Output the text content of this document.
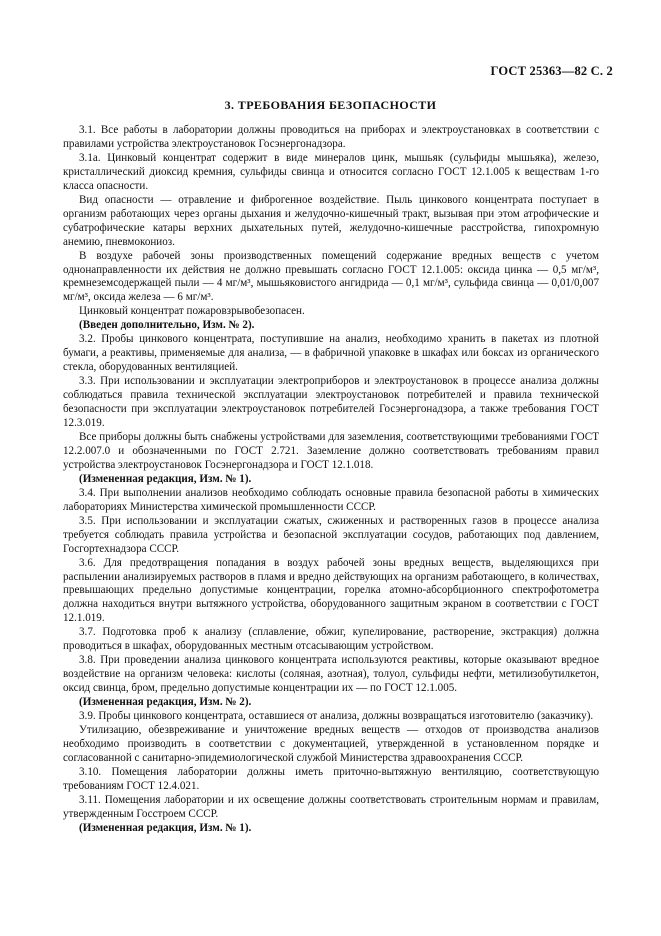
ГОСТ 25363—82 С. 2
3. ТРЕБОВАНИЯ БЕЗОПАСНОСТИ

3.1. Все работы в лаборатории должны проводиться на приборах и электроустановках в соответствии с правилами устройства электроустановок Госэнергонадзора.

3.1а. Цинковый концентрат содержит в виде минералов цинк, мышьяк (сульфиды мышьяка), железо, кристаллический диоксид кремния, сульфиды свинца и относится согласно ГОСТ 12.1.005 к веществам 1-го класса опасности.

Вид опасности — отравление и фиброгенное воздействие. Пыль цинкового концентрата поступает в организм работающих через органы дыхания и желудочно-кишечный тракт, вызывая при этом атрофические и субатрофические катары верхних дыхательных путей, желудочно-кишечные расстройства, гипохромную анемию, пневмокониоз.

В воздухе рабочей зоны производственных помещений содержание вредных веществ с учетом однонаправленности их действия не должно превышать согласно ГОСТ 12.1.005: оксида цинка — 0,5 мг/м³, кремнеземсодержащей пыли — 4 мг/м³, мышьяковистого ангидрида — 0,1 мг/м³, сульфида свинца — 0,01/0,007 мг/м³, оксида железа — 6 мг/м³.

Цинковый концентрат пожаровзрывобезопасен.

(Введен дополнительно, Изм. № 2).

3.2. Пробы цинкового концентрата, поступившие на анализ, необходимо хранить в пакетах из плотной бумаги, а реактивы, применяемые для анализа, — в фабричной упаковке в шкафах или боксах из органического стекла, оборудованных вентиляцией.

3.3. При использовании и эксплуатации электроприборов и электроустановок в процессе анализа должны соблюдаться правила технической эксплуатации электроустановок потребителей и правила технической безопасности при эксплуатации электроустановок потребителей Госэнергонадзора, а также требования ГОСТ 12.3.019.

Все приборы должны быть снабжены устройствами для заземления, соответствующими требованиями ГОСТ 12.2.007.0 и обозначенными по ГОСТ 2.721. Заземление должно соответствовать требованиям правил устройства электроустановок Госэнергонадзора и ГОСТ 12.1.018.

(Измененная редакция, Изм. № 1).

3.4. При выполнении анализов необходимо соблюдать основные правила безопасной работы в химических лабораториях Министерства химической промышленности СССР.

3.5. При использовании и эксплуатации сжатых, сжиженных и растворенных газов в процессе анализа требуется соблюдать правила устройства и безопасной эксплуатации сосудов, работающих под давлением, Госгортехнадзора СССР.

3.6. Для предотвращения попадания в воздух рабочей зоны вредных веществ, выделяющихся при распылении анализируемых растворов в пламя и вредно действующих на организм работающего, в количествах, превышающих предельно допустимые концентрации, горелка атомно-абсорбционного спектрофотометра должна находиться внутри вытяжного устройства, оборудованного защитным экраном в соответствии с ГОСТ 12.1.019.

3.7. Подготовка проб к анализу (сплавление, обжиг, купелирование, растворение, экстракция) должна проводиться в шкафах, оборудованных местным отсасывающим устройством.

3.8. При проведении анализа цинкового концентрата используются реактивы, которые оказывают вредное воздействие на организм человека: кислоты (соляная, азотная), толуол, сульфиды нефти, метилизобутилкетон, оксид свинца, бром, предельно допустимые концентрации их — по ГОСТ 12.1.005.

(Измененная редакция, Изм. № 2).

3.9. Пробы цинкового концентрата, оставшиеся от анализа, должны возвращаться изготовителю (заказчику).

Утилизацию, обезвреживание и уничтожение вредных веществ — отходов от производства анализов необходимо производить в соответствии с документацией, утвержденной в установленном порядке и согласованной с санитарно-эпидемиологической службой Министерства здравоохранения СССР.

3.10. Помещения лаборатории должны иметь приточно-вытяжную вентиляцию, соответствующую требованиям ГОСТ 12.4.021.

3.11. Помещения лаборатории и их освещение должны соответствовать строительным нормам и правилам, утвержденным Госстроем СССР.

(Измененная редакция, Изм. № 1).
